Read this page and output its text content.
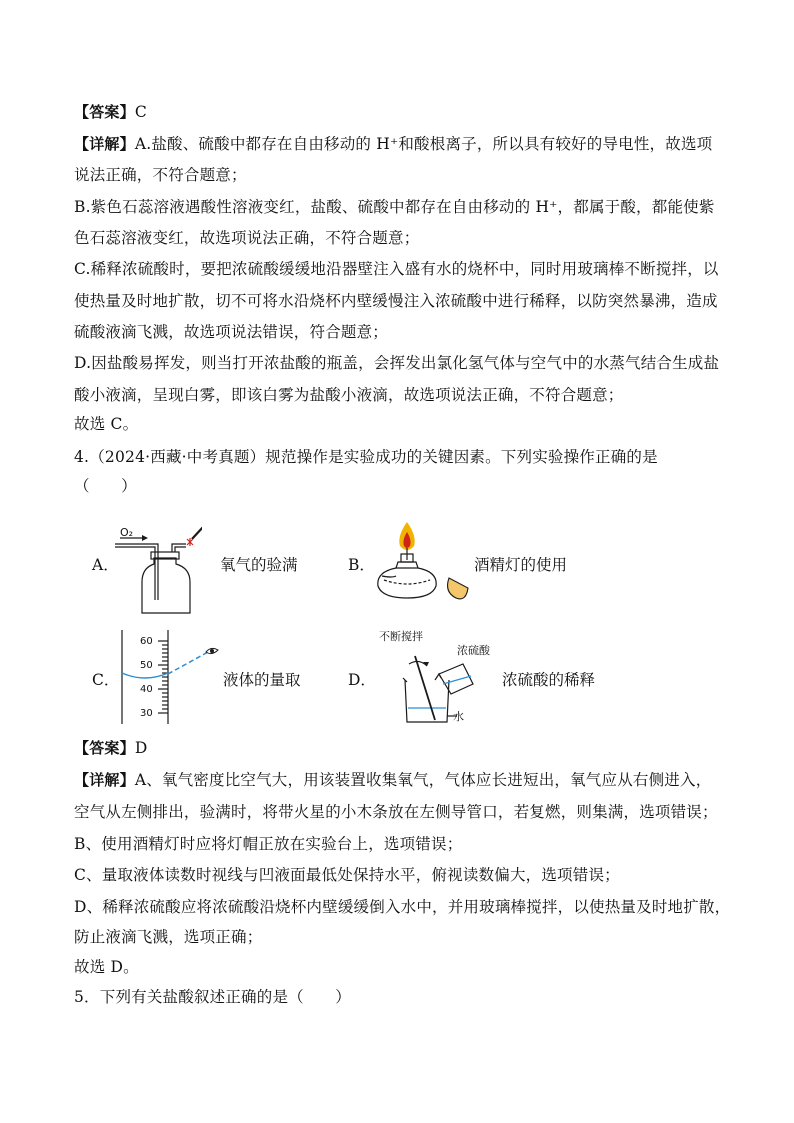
【答案】C
【详解】A.盐酸、硫酸中都存在自由移动的 H⁺和酸根离子，所以具有较好的导电性，故选项
说法正确，不符合题意；
B.紫色石蕊溶液遇酸性溶液变红，盐酸、硫酸中都存在自由移动的 H⁺，都属于酸，都能使紫
色石蕊溶液变红，故选项说法正确，不符合题意；
C.稀释浓硫酸时，要把浓硫酸缓缓地沿器壁注入盛有水的烧杯中，同时用玻璃棒不断搅拌，以
使热量及时地扩散，切不可将水沿烧杯内壁缓慢注入浓硫酸中进行稀释，以防突然暴沸，造成
硫酸液滴飞溅，故选项说法错误，符合题意；
D.因盐酸易挥发，则当打开浓盐酸的瓶盖，会挥发出氯化氢气体与空气中的水蒸气结合生成盐
酸小液滴，呈现白雾，即该白雾为盐酸小液滴，故选项说法正确，不符合题意；
故选 C。
4.（2024·西藏·中考真题）规范操作是实验成功的关键因素。下列实验操作正确的是
（　　）
A．
O₂
氧气的验满	B．	酒精灯的使用
C．
60
50
40
30
液体的量取	D．
不断搅拌
浓硫酸
水
浓硫酸的稀释
【答案】D
【详解】A、氧气密度比空气大，用该装置收集氧气，气体应长进短出，氧气应从右侧进入，
空气从左侧排出，验满时，将带火星的小木条放在左侧导管口，若复燃，则集满，选项错误；
B、使用酒精灯时应将灯帽正放在实验台上，选项错误；
C、量取液体读数时视线与凹液面最低处保持水平，俯视读数偏大，选项错误；
D、稀释浓硫酸应将浓硫酸沿烧杯内壁缓缓倒入水中，并用玻璃棒搅拌，以使热量及时地扩散，
防止液滴飞溅，选项正确；
故选 D。
5．下列有关盐酸叙述正确的是（　　）
